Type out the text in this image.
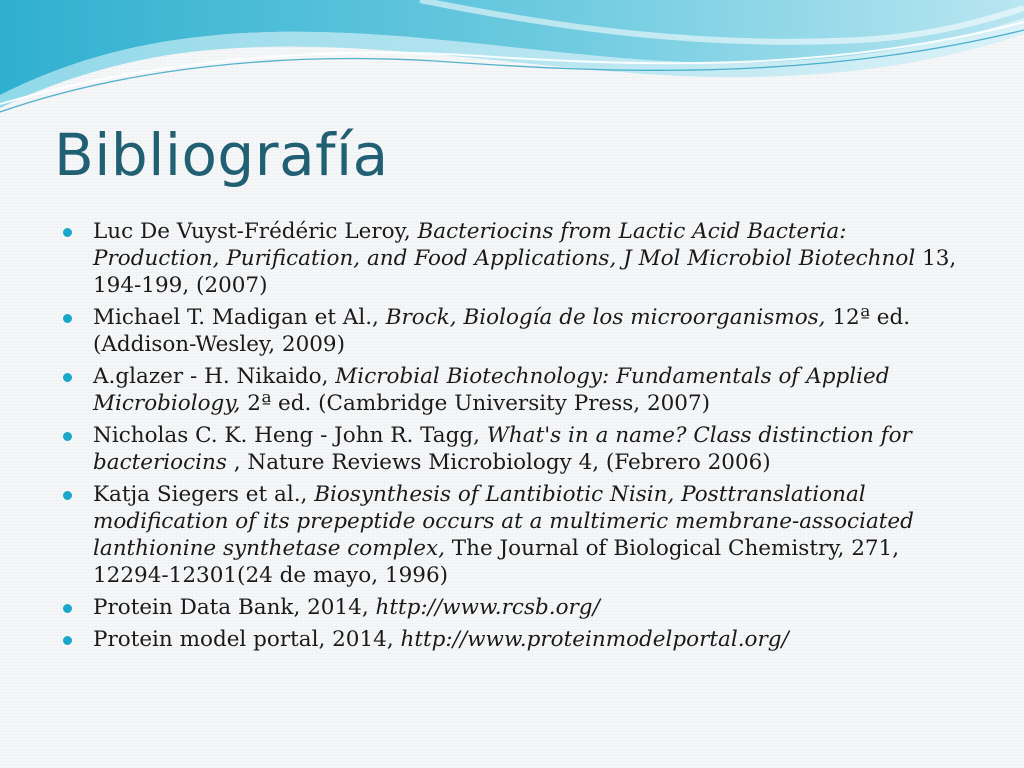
Bibliografía
Luc De Vuyst-Frédéric Leroy, Bacteriocins from Lactic Acid Bacteria: Production, Purification, and Food Applications, J Mol Microbiol Biotechnol 13, 194-199, (2007)
Michael T. Madigan et Al., Brock, Biología de los microorganismos, 12ª ed. (Addison-Wesley, 2009)
A.glazer - H. Nikaido, Microbial Biotechnology: Fundamentals of Applied Microbiology, 2ª ed. (Cambridge University Press, 2007)
Nicholas C. K. Heng - John R. Tagg, What's in a name? Class distinction for bacteriocins , Nature Reviews Microbiology 4, (Febrero 2006)
Katja Siegers et al., Biosynthesis of Lantibiotic Nisin, Posttranslational modification of its prepeptide occurs at a multimeric membrane-associated lanthionine synthetase complex, The Journal of Biological Chemistry, 271, 12294-12301(24 de mayo, 1996)
Protein Data Bank, 2014, http://www.rcsb.org/
Protein model portal, 2014, http://www.proteinmodelportal.org/
